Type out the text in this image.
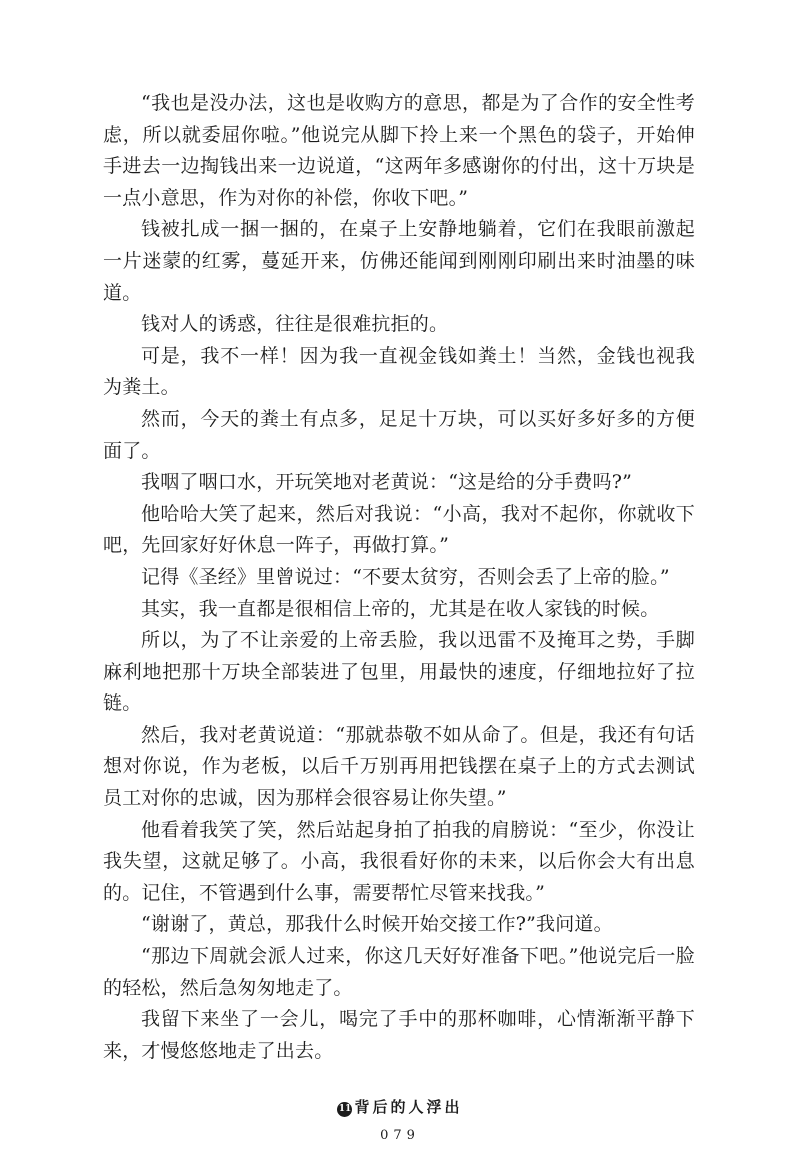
“我也是没办法，这也是收购方的意思，都是为了合作的安全性考虑，所以就委屈你啦。”他说完从脚下拎上来一个黑色的袋子，开始伸手进去一边掏钱出来一边说道，“这两年多感谢你的付出，这十万块是一点小意思，作为对你的补偿，你收下吧。”

钱被扎成一捆一捆的，在桌子上安静地躺着，它们在我眼前激起一片迷蒙的红雾，蔓延开来，仿佛还能闻到刚刚印刷出来时油墨的味道。

钱对人的诱惑，往往是很难抗拒的。

可是，我不一样！因为我一直视金钱如粪土！当然，金钱也视我为粪土。

然而，今天的粪土有点多，足足十万块，可以买好多好多的方便面了。

我咽了咽口水，开玩笑地对老黄说：“这是给的分手费吗?”

他哈哈大笑了起来，然后对我说：“小高，我对不起你，你就收下吧，先回家好好休息一阵子，再做打算。”

记得《圣经》里曾说过：“不要太贫穷，否则会丢了上帝的脸。”

其实，我一直都是很相信上帝的，尤其是在收人家钱的时候。

所以，为了不让亲爱的上帝丢脸，我以迅雷不及掩耳之势，手脚麻利地把那十万块全部装进了包里，用最快的速度，仔细地拉好了拉链。

然后，我对老黄说道：“那就恭敬不如从命了。但是，我还有句话想对你说，作为老板，以后千万别再用把钱摆在桌子上的方式去测试员工对你的忠诚，因为那样会很容易让你失望。”

他看着我笑了笑，然后站起身拍了拍我的肩膀说：“至少，你没让我失望，这就足够了。小高，我很看好你的未来，以后你会大有出息的。记住，不管遇到什么事，需要帮忙尽管来找我。”

“谢谢了，黄总，那我什么时候开始交接工作?”我问道。

“那边下周就会派人过来，你这几天好好准备下吧。”他说完后一脸的轻松，然后急匆匆地走了。

我留下来坐了一会儿，喝完了手中的那杯咖啡，心情渐渐平静下来，才慢悠悠地走了出去。

11 背后的人浮出
079
